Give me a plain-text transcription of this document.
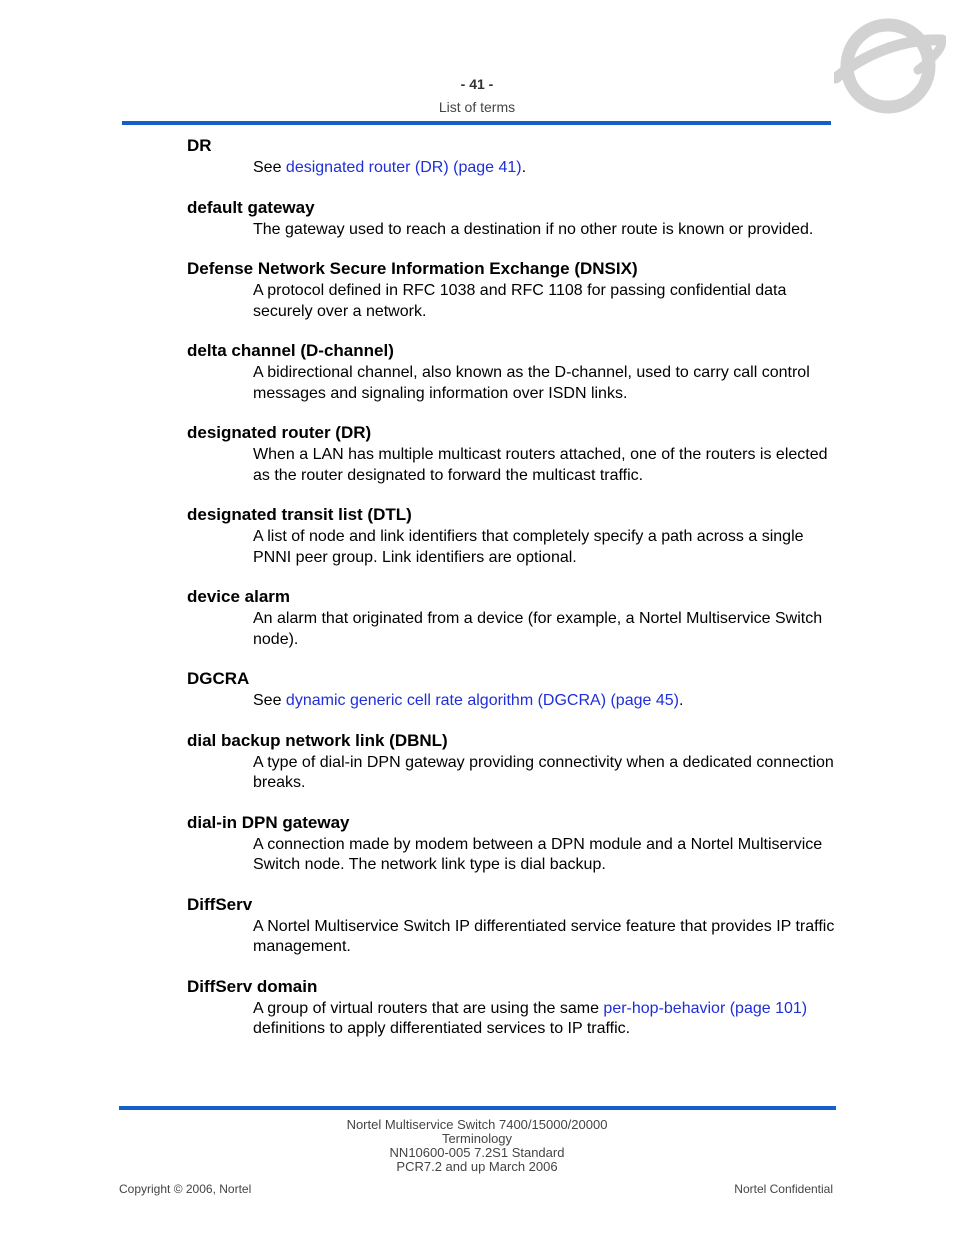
- 41 -
List of terms
DR
See designated router (DR) (page 41).
default gateway
The gateway used to reach a destination if no other route is known or provided.
Defense Network Secure Information Exchange (DNSIX)
A protocol defined in RFC 1038 and RFC 1108 for passing confidential data securely over a network.
delta channel (D-channel)
A bidirectional channel, also known as the D-channel, used to carry call control messages and signaling information over ISDN links.
designated router (DR)
When a LAN has multiple multicast routers attached, one of the routers is elected as the router designated to forward the multicast traffic.
designated transit list (DTL)
A list of node and link identifiers that completely specify a path across a single PNNI peer group. Link identifiers are optional.
device alarm
An alarm that originated from a device (for example, a Nortel Multiservice Switch node).
DGCRA
See dynamic generic cell rate algorithm (DGCRA) (page 45).
dial backup network link (DBNL)
A type of dial-in DPN gateway providing connectivity when a dedicated connection breaks.
dial-in DPN gateway
A connection made by modem between a DPN module and a Nortel Multiservice Switch node. The network link type is dial backup.
DiffServ
A Nortel Multiservice Switch IP differentiated service feature that provides IP traffic management.
DiffServ domain
A group of virtual routers that are using the same per-hop-behavior (page 101) definitions to apply differentiated services to IP traffic.
Nortel Multiservice Switch 7400/15000/20000
Terminology
NN10600-005 7.2S1 Standard
PCR7.2 and up March 2006
Copyright © 2006, Nortel	Nortel Confidential
